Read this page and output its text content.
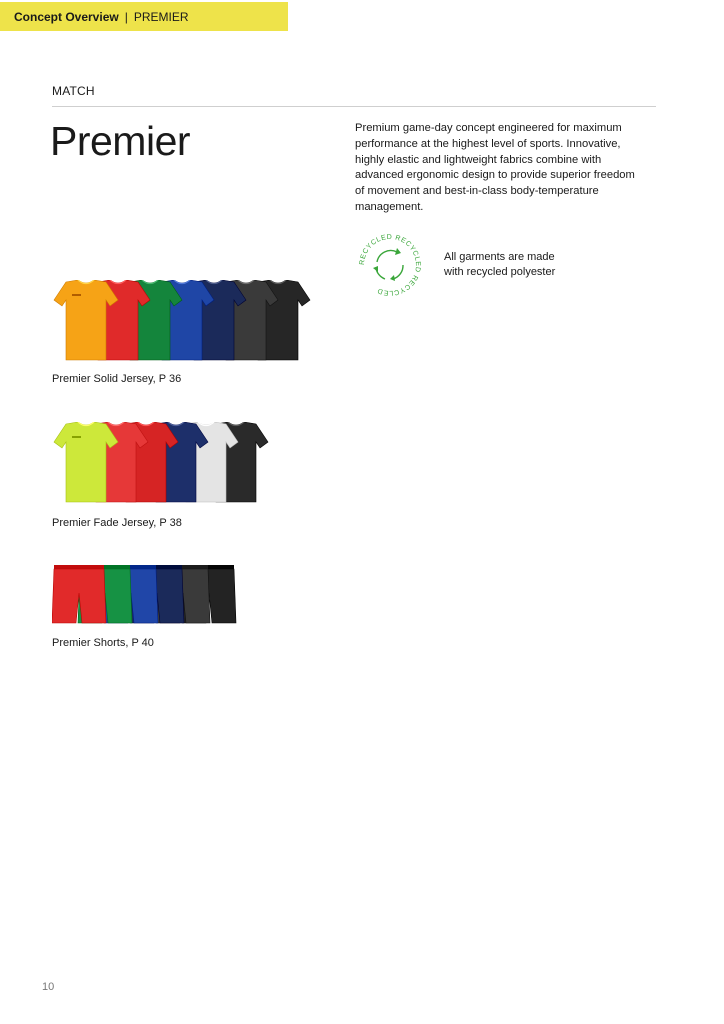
Concept Overview | PREMIER
MATCH
Premier	Premium game-day concept engineered for maximum performance at the highest level of sports. Innovative, highly elastic and lightweight fabrics combine with advanced ergonomic design to provide superior freedom of movement and best-in-class body-temperature management.

RECYCLED RECYCLED RECYCLED
All garments are made
with recycled polyester
Premier Solid Jersey, P 36
Premier Fade Jersey, P 38
Premier Shorts, P 40
10
